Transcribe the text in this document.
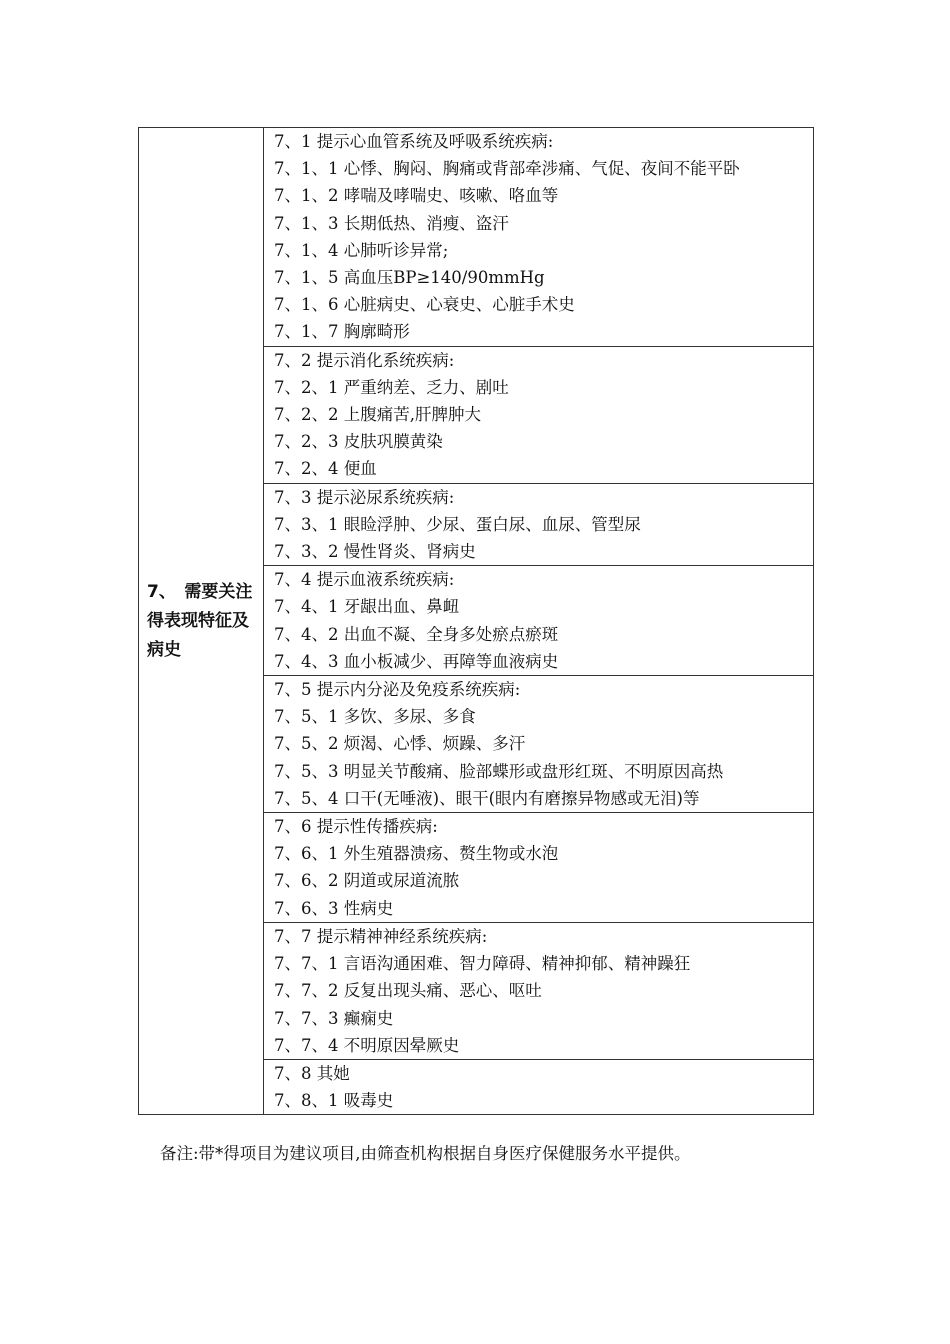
7、　需要关注得表现特征及病史

7、1 提示心血管系统及呼吸系统疾病:
7、1、1 心悸、胸闷、胸痛或背部牵涉痛、气促、夜间不能平卧
7、1、2 哮喘及哮喘史、咳嗽、咯血等
7、1、3 长期低热、消瘦、盗汗
7、1、4 心肺听诊异常;
7、1、5 高血压BP≥140/90mmHg
7、1、6 心脏病史、心衰史、心脏手术史
7、1、7 胸廓畸形

7、2 提示消化系统疾病:
7、2、1 严重纳差、乏力、剧吐
7、2、2 上腹痛苦,肝脾肿大
7、2、3 皮肤巩膜黄染
7、2、4 便血

7、3 提示泌尿系统疾病:
7、3、1 眼睑浮肿、少尿、蛋白尿、血尿、管型尿
7、3、2 慢性肾炎、肾病史

7、4 提示血液系统疾病:
7、4、1 牙龈出血、鼻衄
7、4、2 出血不凝、全身多处瘀点瘀斑
7、4、3 血小板减少、再障等血液病史

7、5 提示内分泌及免疫系统疾病:
7、5、1 多饮、多尿、多食
7、5、2 烦渴、心悸、烦躁、多汗
7、5、3 明显关节酸痛、脸部蝶形或盘形红斑、不明原因高热
7、5、4 口干(无唾液)、眼干(眼内有磨擦异物感或无泪)等

7、6 提示性传播疾病:
7、6、1 外生殖器溃疡、赘生物或水泡
7、6、2 阴道或尿道流脓
7、6、3 性病史

7、7 提示精神神经系统疾病:
7、7、1 言语沟通困难、智力障碍、精神抑郁、精神躁狂
7、7、2 反复出现头痛、恶心、呕吐
7、7、3 癫痫史
7、7、4 不明原因晕厥史

7、8 其她
7、8、1 吸毒史
备注:带*得项目为建议项目,由筛查机构根据自身医疗保健服务水平提供。
